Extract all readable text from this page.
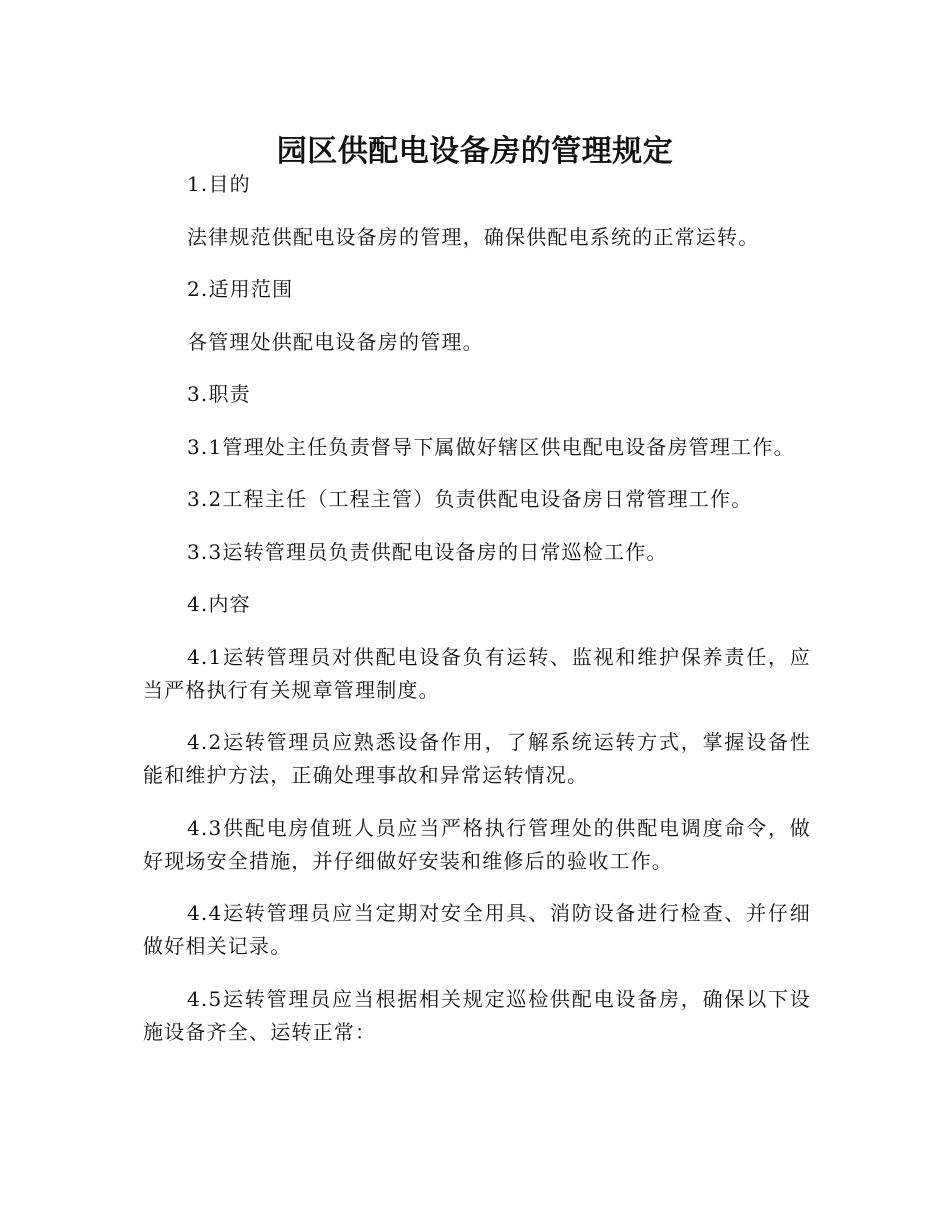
园区供配电设备房的管理规定

1.目的

法律规范供配电设备房的管理，确保供配电系统的正常运转。

2.适用范围

各管理处供配电设备房的管理。

3.职责

3.1管理处主任负责督导下属做好辖区供电配电设备房管理工作。

3.2工程主任（工程主管）负责供配电设备房日常管理工作。

3.3运转管理员负责供配电设备房的日常巡检工作。

4.内容

4.1运转管理员对供配电设备负有运转、监视和维护保养责任，应当严格执行有关规章管理制度。

4.2运转管理员应熟悉设备作用，了解系统运转方式，掌握设备性能和维护方法，正确处理事故和异常运转情况。

4.3供配电房值班人员应当严格执行管理处的供配电调度命令，做好现场安全措施，并仔细做好安装和维修后的验收工作。

4.4运转管理员应当定期对安全用具、消防设备进行检查、并仔细做好相关记录。

4.5运转管理员应当根据相关规定巡检供配电设备房，确保以下设施设备齐全、运转正常：
